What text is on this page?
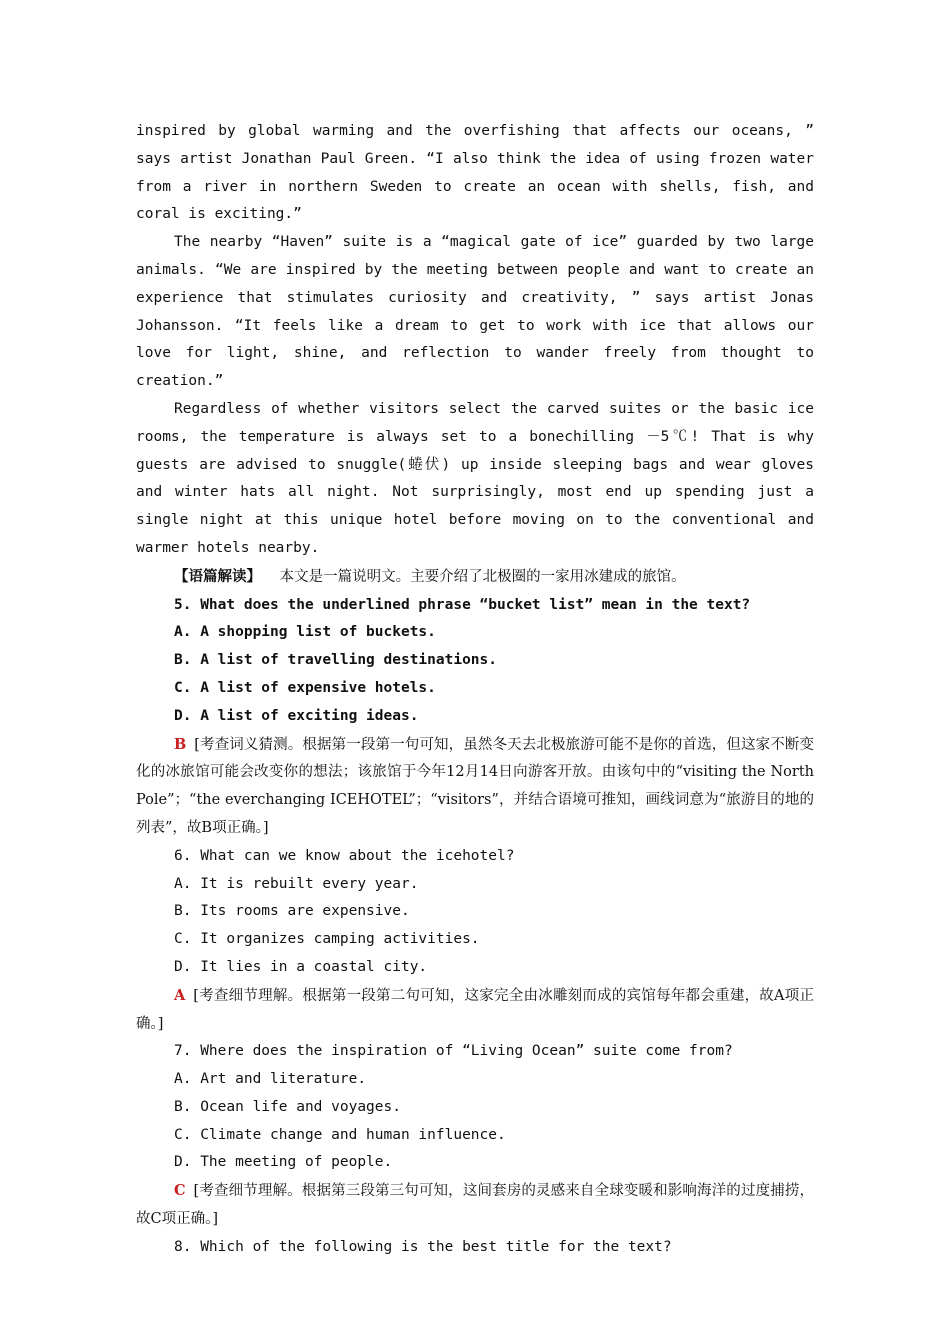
inspired by global warming and the overfishing that affects our oceans, ” says artist Jonathan Paul Green. “I also think the idea of using frozen water from a river in northern Sweden to create an ocean with shells, fish, and coral is exciting.”

The nearby “Haven” suite is a “magical gate of ice” guarded by two large animals. “We are inspired by the meeting between people and want to create an experience that stimulates curiosity and creativity, ” says artist Jonas Johansson. “It feels like a dream to get to work with ice that allows our love for light, shine, and reflection to wander freely from thought to creation.”

Regardless of whether visitors select the carved suites or the basic ice rooms, the temperature is always set to a bonechilling －5℃! That is why guests are advised to snuggle(蜷伏) up inside sleeping bags and wear gloves and winter hats all night. Not surprisingly, most end up spending just a single night at this unique hotel before moving on to the conventional and warmer hotels nearby.

【语篇解读】 本文是一篇说明文。主要介绍了北极圈的一家用冰建成的旅馆。

5. What does the underlined phrase “bucket list” mean in the text?

A. A shopping list of buckets.

B. A list of travelling destinations.

C. A list of expensive hotels.

D. A list of exciting ideas.

B [考查词义猜测。根据第一段第一句可知，虽然冬天去北极旅游可能不是你的首选，但这家不断变化的冰旅馆可能会改变你的想法；该旅馆于今年12月14日向游客开放。由该句中的“visiting the North Pole”；“the everchanging ICEHOTEL”；“visitors”，并结合语境可推知，画线词意为“旅游目的地的列表”，故B项正确。]

6. What can we know about the icehotel?

A. It is rebuilt every year.

B. Its rooms are expensive.

C. It organizes camping activities.

D. It lies in a coastal city.

A [考查细节理解。根据第一段第二句可知，这家完全由冰雕刻而成的宾馆每年都会重建，故A项正确。]

7. Where does the inspiration of “Living Ocean” suite come from?

A. Art and literature.

B. Ocean life and voyages.

C. Climate change and human influence.

D. The meeting of people.

C [考查细节理解。根据第三段第三句可知，这间套房的灵感来自全球变暖和影响海洋的过度捕捞，故C项正确。]

8. Which of the following is the best title for the text?
